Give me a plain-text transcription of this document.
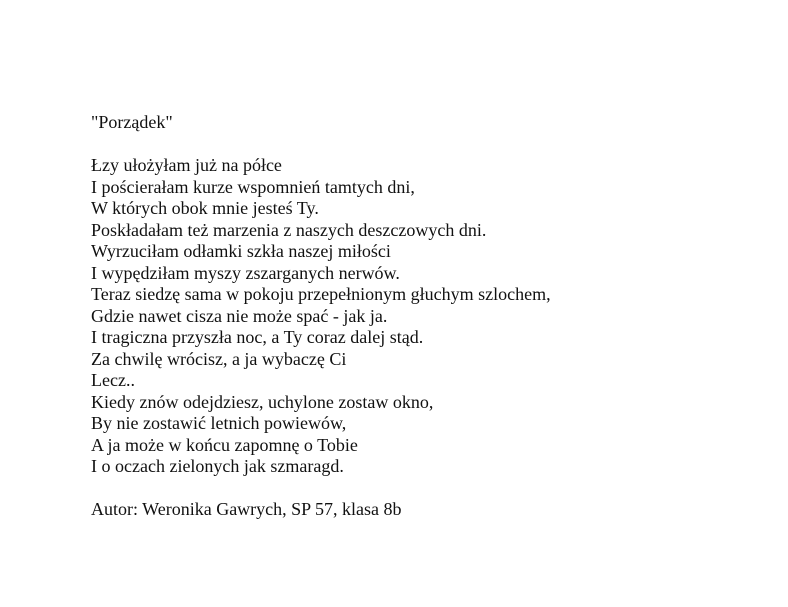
"Porządek"
Łzy ułożyłam już na półce
I pościerałam kurze wspomnień tamtych dni,
W których obok mnie jesteś Ty.
Poskładałam też marzenia z naszych deszczowych dni.
Wyrzuciłam odłamki szkła naszej miłości
I wypędziłam myszy zszarganych nerwów.
Teraz siedzę sama w pokoju przepełnionym głuchym szlochem,
Gdzie nawet cisza nie może spać - jak ja.
I tragiczna przyszła noc, a Ty coraz dalej stąd.
Za chwilę wrócisz, a ja wybaczę Ci
Lecz..
Kiedy znów odejdziesz, uchylone zostaw okno,
By nie zostawić letnich powiewów,
A ja może w końcu zapomnę o Tobie
I o oczach zielonych jak szmaragd.
Autor: Weronika Gawrych, SP 57, klasa 8b
